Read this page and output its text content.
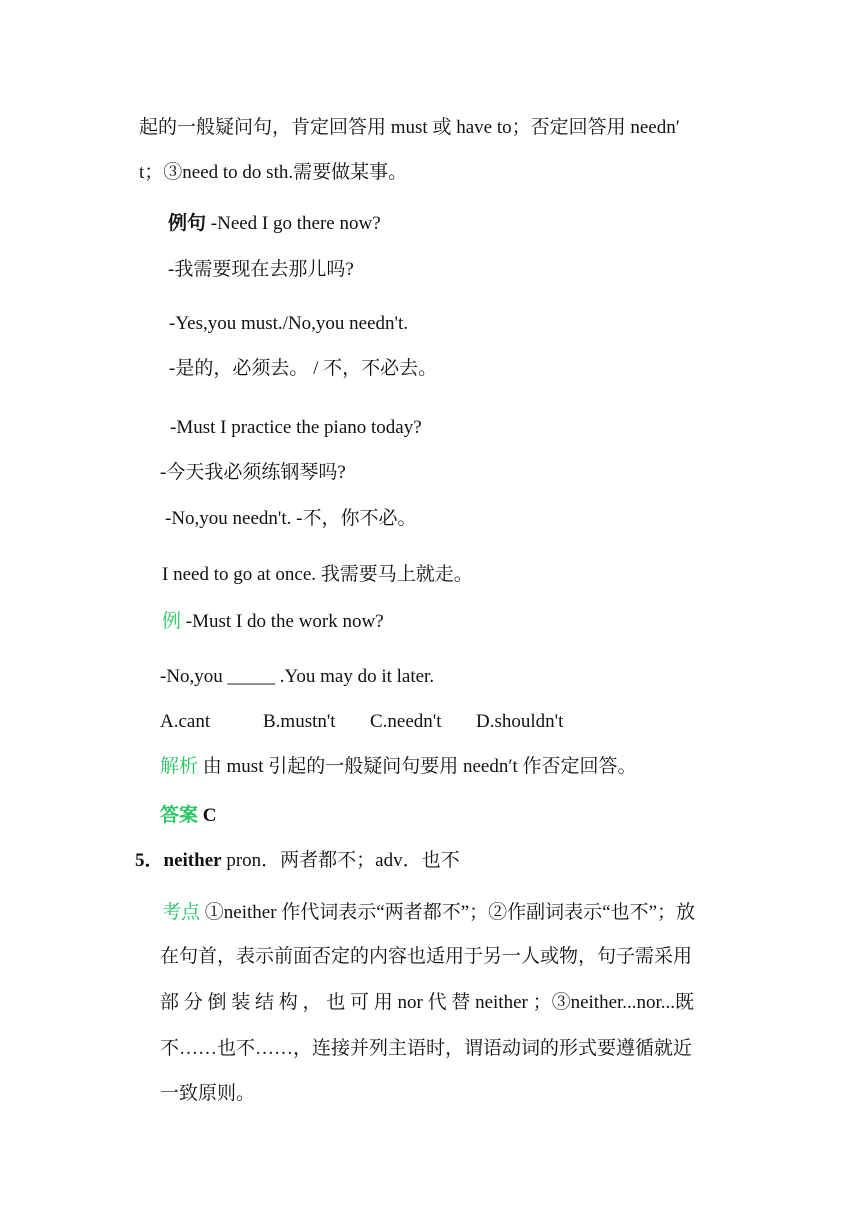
起的一般疑问句，肯定回答用 must 或 have to；否定回答用 needn′
t；③need to do sth.需要做某事。
例句 -Need I go there now?
-我需要现在去那儿吗?
-Yes,you must./No,you needn't.
-是的，必须去。 / 不，不必去。
-Must I practice the piano today?
-今天我必须练钢琴吗?
-No,you needn't. -不，你不必。
I need to go at once. 我需要马上就走。
例 -Must I do the work now?
-No,you _____ .You may do it later.
A.cant	B.mustn't C.needn't D.shouldn't
解析 由 must 引起的一般疑问句要用 needn′t 作否定回答。
答案 C
5．neither pron．两者都不；adv．也不
考点 ①neither 作代词表示“两者都不”；②作副词表示“也不”；放
在句首，表示前面否定的内容也适用于另一人或物，句子需采用
部 分 倒 装 结 构 ， 也 可 用 nor 代 替 neither ；③neither...nor...既
不……也不……，连接并列主语时，谓语动词的形式要遵循就近
一致原则。
